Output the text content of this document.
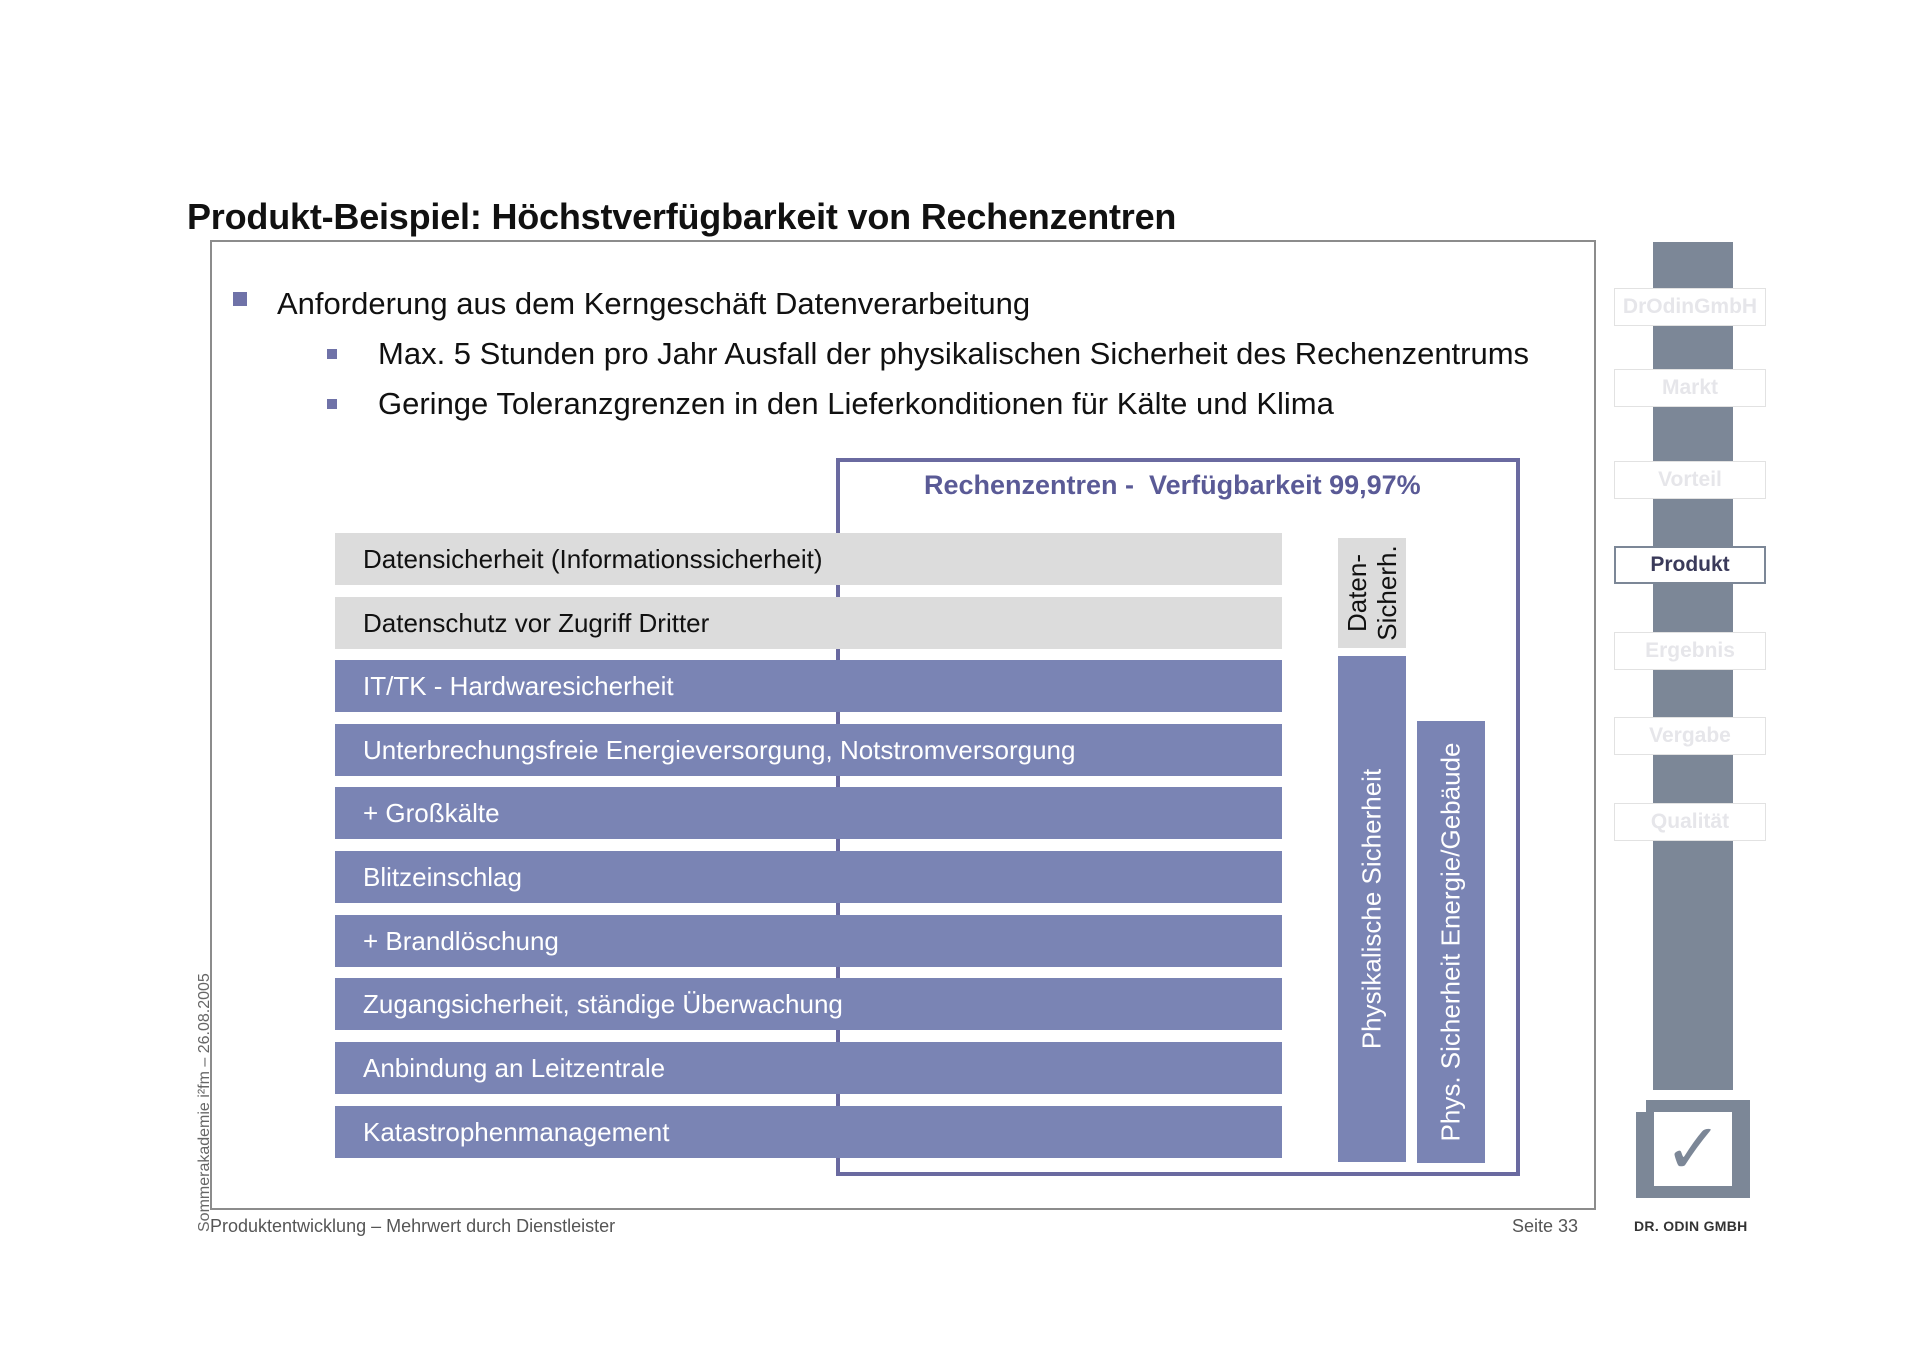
Produkt-Beispiel: Höchstverfügbarkeit von Rechenzentren
Anforderung aus dem Kerngeschäft Datenverarbeitung
Max. 5 Stunden pro Jahr Ausfall der physikalischen Sicherheit des Rechenzentrums
Geringe Toleranzgrenzen in den Lieferkonditionen für Kälte und Klima
Rechenzentren -  Verfügbarkeit 99,97%
Datensicherheit (Informationssicherheit)
Datenschutz vor Zugriff Dritter
IT/TK - Hardwaresicherheit
Unterbrechungsfreie Energieversorgung, Notstromversorgung
+ Großkälte
Blitzeinschlag
+ Brandlöschung
Zugangsicherheit, ständige Überwachung
Anbindung an Leitzentrale
Katastrophenmanagement
Daten- Sicherh.
Physikalische Sicherheit Phys. Sicherheit Energie/Gebäude
Produktentwicklung – Mehrwert durch Dienstleister	Seite 33
Sommerakademie i²fm – 26.08.2005
DrOdinGmbH
Markt
Vorteil
Produkt
Ergebnis
Vergabe
Qualität
✓
DR. ODIN GMBH
